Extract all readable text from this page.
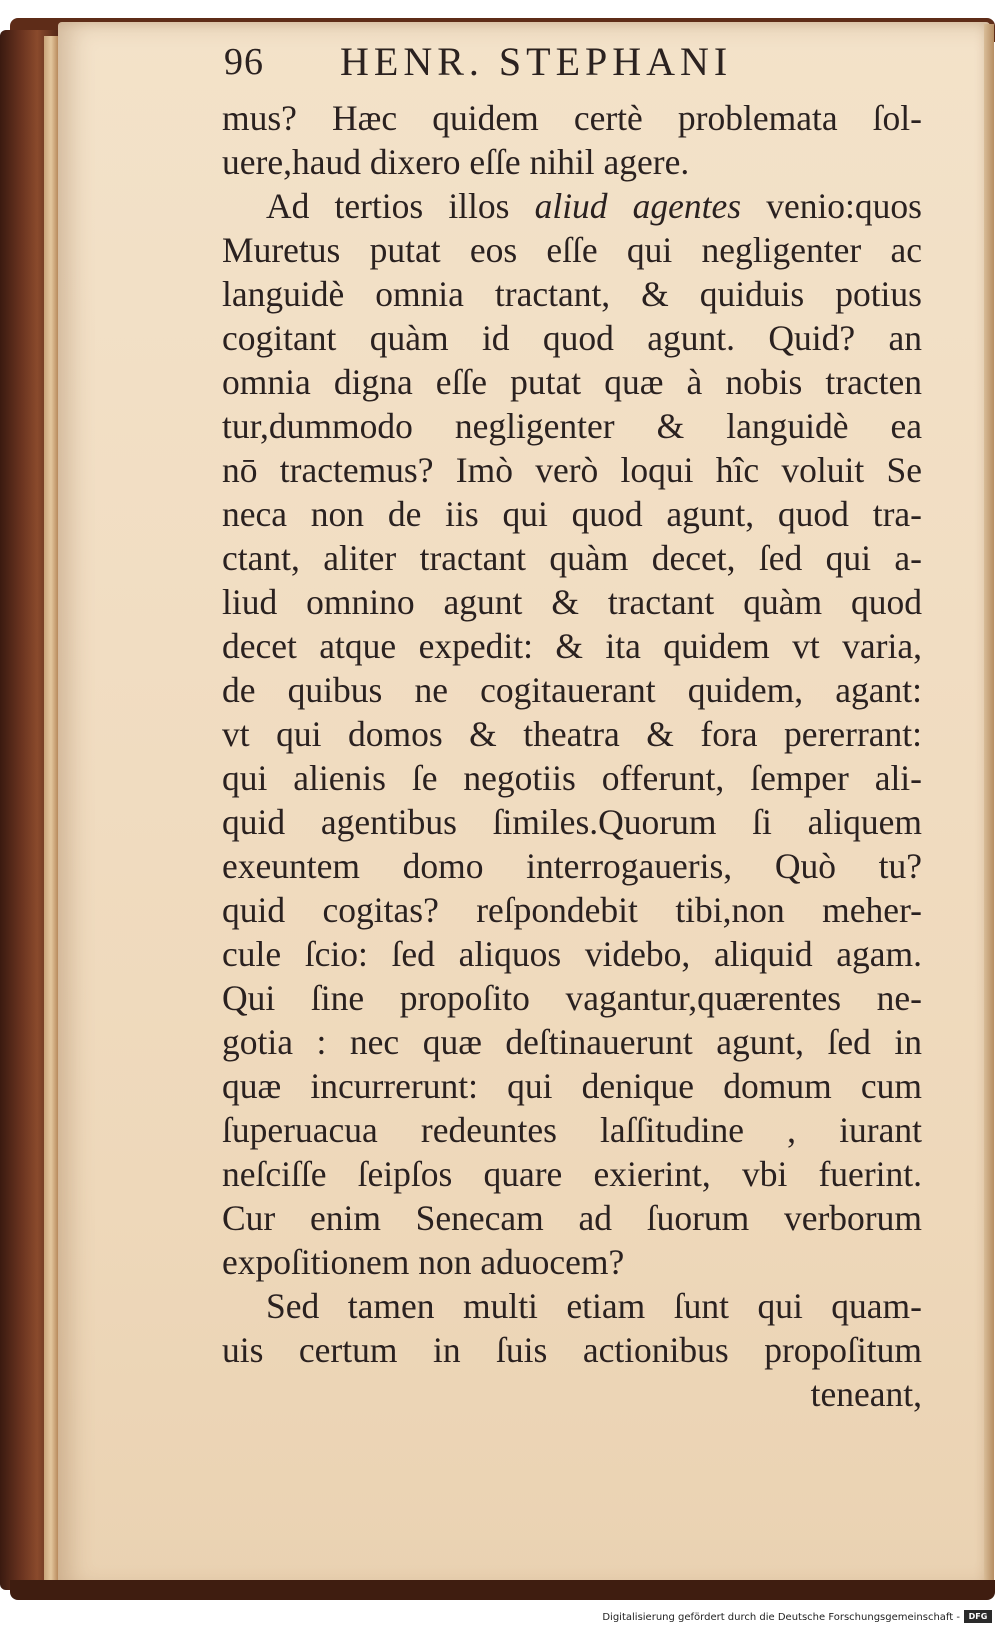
96 HENR. STEPHANI
mus? Hæc quidem certè problemata ſol-
uere,haud dixero eſſe nihil agere.
Ad tertios illos aliud agentes venio:quos
Muretus putat eos eſſe qui negligenter ac
languidè omnia tractant, & quiduis potius
cogitant quàm id quod agunt. Quid? an
omnia digna eſſe putat quæ à nobis tracten
tur,dummodo negligenter & languidè ea
nō tractemus? Imò verò loqui hîc voluit Se
neca non de iis qui quod agunt, quod tra-
ctant, aliter tractant quàm decet, ſed qui a-
liud omnino agunt & tractant quàm quod
decet atque expedit: & ita quidem vt varia,
de quibus ne cogitauerant quidem, agant:
vt qui domos & theatra & fora pererrant:
qui alienis ſe negotiis offerunt, ſemper ali-
quid agentibus ſimiles.Quorum ſi aliquem
exeuntem domo interrogaueris, Quò tu?
quid cogitas? reſpondebit tibi,non meher-
cule ſcio: ſed aliquos videbo, aliquid agam.
Qui ſine propoſito vagantur,quærentes ne-
gotia : nec quæ deſtinauerunt agunt, ſed in
quæ incurrerunt: qui denique domum cum
ſuperuacua redeuntes laſſitudine , iurant
neſciſſe ſeipſos quare exierint, vbi fuerint.
Cur enim Senecam ad ſuorum verborum
expoſitionem non aduocem?
Sed tamen multi etiam ſunt qui quam-
uis certum in ſuis actionibus propoſitum
teneant,
Digitalisierung gefördert durch die Deutsche Forschungsgemeinschaft -	DFG
